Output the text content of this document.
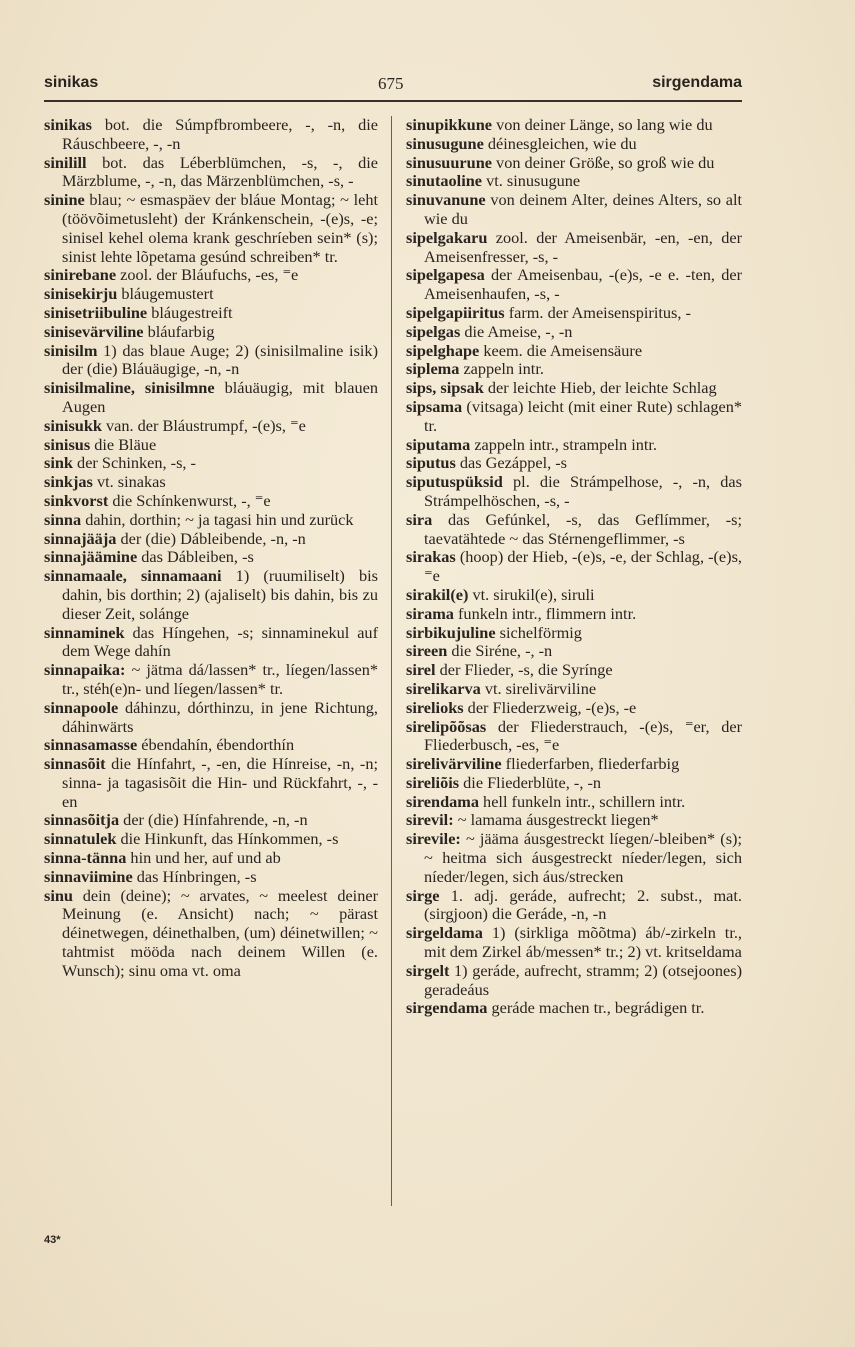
sinikas	675	sirgendama

sinikas bot. die Súmpfbrombeere, -, -n, die Ráuschbeere, -, -n

sinilill bot. das Léberblümchen, -s, -, die Märzblume, -, -n, das Märzenblümchen, -s, -

sinine blau; ~ esmaspäev der bláue Montag; ~ leht (töövõimetusleht) der Kránkenschein, -(e)s, -e; sinisel kehel olema krank geschríeben sein* (s); sinist lehte lõpetama gesúnd schreiben* tr.

sinirebane zool. der Bláufuchs, -es, ⁼e

sinisekirju bláugemustert

sinisetriibuline bláugestreift

sinisevärviline bláufarbig

sinisilm 1) das blaue Auge; 2) (sinisilmaline isik) der (die) Bláuäugige, -n, -n

sinisilmaline, sinisilmne bláuäugig, mit blauen Augen

sinisukk van. der Bláustrumpf, -(e)s, ⁼e

sinisus die Bläue

sink der Schinken, -s, -

sinkjas vt. sinakas

sinkvorst die Schínkenwurst, -, ⁼e

sinna dahin, dorthin; ~ ja tagasi hin und zurück

sinnajääja der (die) Dábleibende, -n, -n

sinnajäämine das Dábleiben, -s

sinnamaale, sinnamaani 1) (ruumiliselt) bis dahin, bis dorthin; 2) (ajaliselt) bis dahin, bis zu dieser Zeit, solánge

sinnaminek das Híngehen, -s; sinnaminekul auf dem Wege dahín

sinnapaika: ~ jätma dá/lassen* tr., líegen/lassen* tr., stéh(e)n- und líegen/lassen* tr.

sinnapoole dáhinzu, dórthinzu, in jene Richtung, dáhinwärts

sinnasamasse ébendahín, ébendorthín

sinnasõit die Hínfahrt, -, -en, die Hínreise, -n, -n; sinna- ja tagasisõit die Hin- und Rückfahrt, -, -en

sinnasõitja der (die) Hínfahrende, -n, -n

sinnatulek die Hinkunft, das Hínkommen, -s

sinna-tänna hin und her, auf und ab

sinnaviimine das Hínbringen, -s

sinu dein (deine); ~ arvates, ~ meelest deiner Meinung (e. Ansicht) nach; ~ pärast déinetwegen, déinethalben, (um) déinetwillen; ~ tahtmist mööda nach deinem Willen (e. Wunsch); sinu oma vt. oma

sinupikkune von deiner Länge, so lang wie du

sinusugune déinesgleichen, wie du

sinusuurune von deiner Größe, so groß wie du

sinutaoline vt. sinusugune

sinuvanune von deinem Alter, deines Alters, so alt wie du

sipelgakaru zool. der Ameisenbär, -en, -en, der Ameisenfresser, -s, -

sipelgapesa der Ameisenbau, -(e)s, -e e. -ten, der Ameisenhaufen, -s, -

sipelgapiiritus farm. der Ameisenspiritus, -

sipelgas die Ameise, -, -n

sipelghape keem. die Ameisensäure

siplema zappeln intr.

sips, sipsak der leichte Hieb, der leichte Schlag

sipsama (vitsaga) leicht (mit einer Rute) schlagen* tr.

siputama zappeln intr., strampeln intr.

siputus das Gezáppel, -s

siputuspüksid pl. die Strámpelhose, -, -n, das Strámpelhöschen, -s, -

sira das Gefúnkel, -s, das Geflímmer, -s; taevatähtede ~ das Stérnengeflimmer, -s

sirakas (hoop) der Hieb, -(e)s, -e, der Schlag, -(e)s, ⁼e

sirakil(e) vt. sirukil(e), siruli

sirama funkeln intr., flimmern intr.

sirbikujuline sichelförmig

sireen die Siréne, -, -n

sirel der Flieder, -s, die Syrínge

sirelikarva vt. sirelivärviline

sirelioks der Fliederzweig, -(e)s, -e

sirelipõõsas der Fliederstrauch, -(e)s, ⁼er, der Fliederbusch, -es, ⁼e

sirelivärviline fliederfarben, fliederfarbig

sireliõis die Fliederblüte, -, -n

sirendama hell funkeln intr., schillern intr.

sirevil: ~ lamama áusgestreckt liegen*

sirevile: ~ jääma áusgestreckt líegen/-bleiben* (s); ~ heitma sich áusgestreckt níeder/legen, sich níeder/legen, sich áus/strecken

sirge 1. adj. geráde, aufrecht; 2. subst., mat. (sirgjoon) die Geráde, -n, -n

sirgeldama 1) (sirkliga mõõtma) áb/-zirkeln tr., mit dem Zirkel áb/messen* tr.; 2) vt. kritseldama

sirgelt 1) geráde, aufrecht, stramm; 2) (otsejoones) geradeáus

sirgendama geráde machen tr., begrádigen tr.

43*
